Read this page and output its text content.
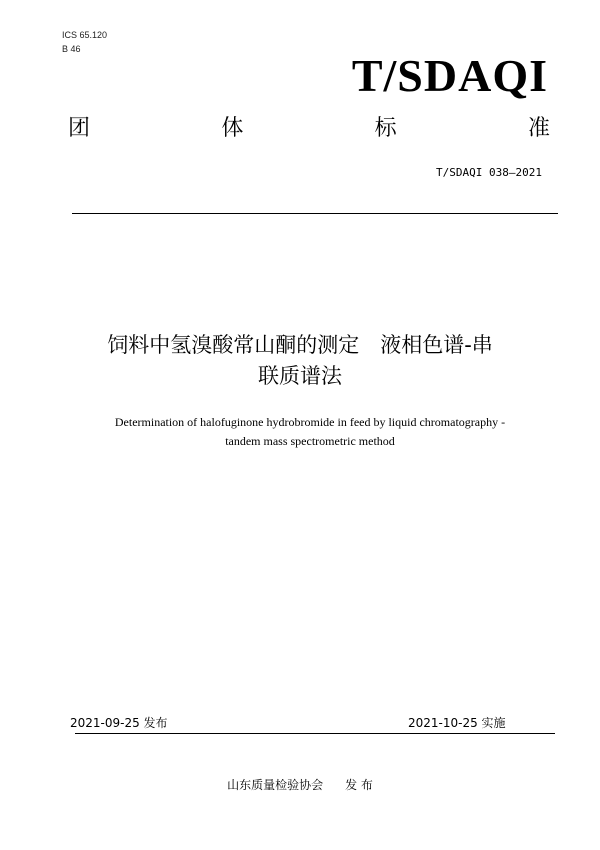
ICS 65.120
B 46
T/SDAQI
团	体	标	准
T/SDAQI 038—2021
饲料中氢溴酸常山酮的测定　液相色谱-串
联质谱法
Determination of halofuginone hydrobromide in feed by liquid chromatography -
tandem mass spectrometric method
2021-09-25 发布	2021-10-25 实施
山东质量检验协会 发 布
